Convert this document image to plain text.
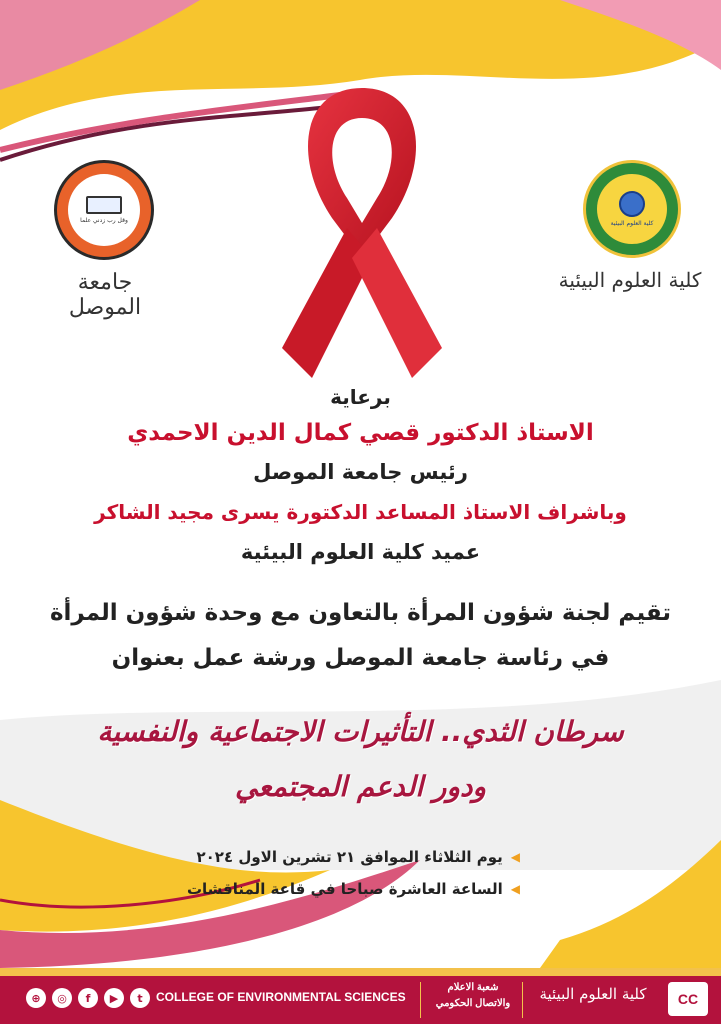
وقل رب زدني علما
جامعة الموصل
كلية العلوم البيئية
كلية العلوم البيئية
برعاية
الاستاذ الدكتور قصي كمال الدين الاحمدي
رئيس جامعة الموصل
وباشراف الاستاذ المساعد الدكتورة يسرى مجيد الشاكر
عميد كلية العلوم البيئية
تقيم لجنة شؤون المرأة بالتعاون مع وحدة شؤون المرأة
في رئاسة جامعة الموصل ورشة عمل بعنوان
سرطان الثدي.. التأثيرات الاجتماعية والنفسية
ودور الدعم المجتمعي
◀
يوم الثلاثاء الموافق ٢١ تشرين الاول ٢٠٢٤
◀
الساعة العاشرة صباحا في قاعة المناقشات
t
▶
f
◎
⊕	COLLEGE OF ENVIRONMENTAL SCIENCES
شعبة الاعلام
والاتصال الحكومي
كلية العلوم البيئية	CC
